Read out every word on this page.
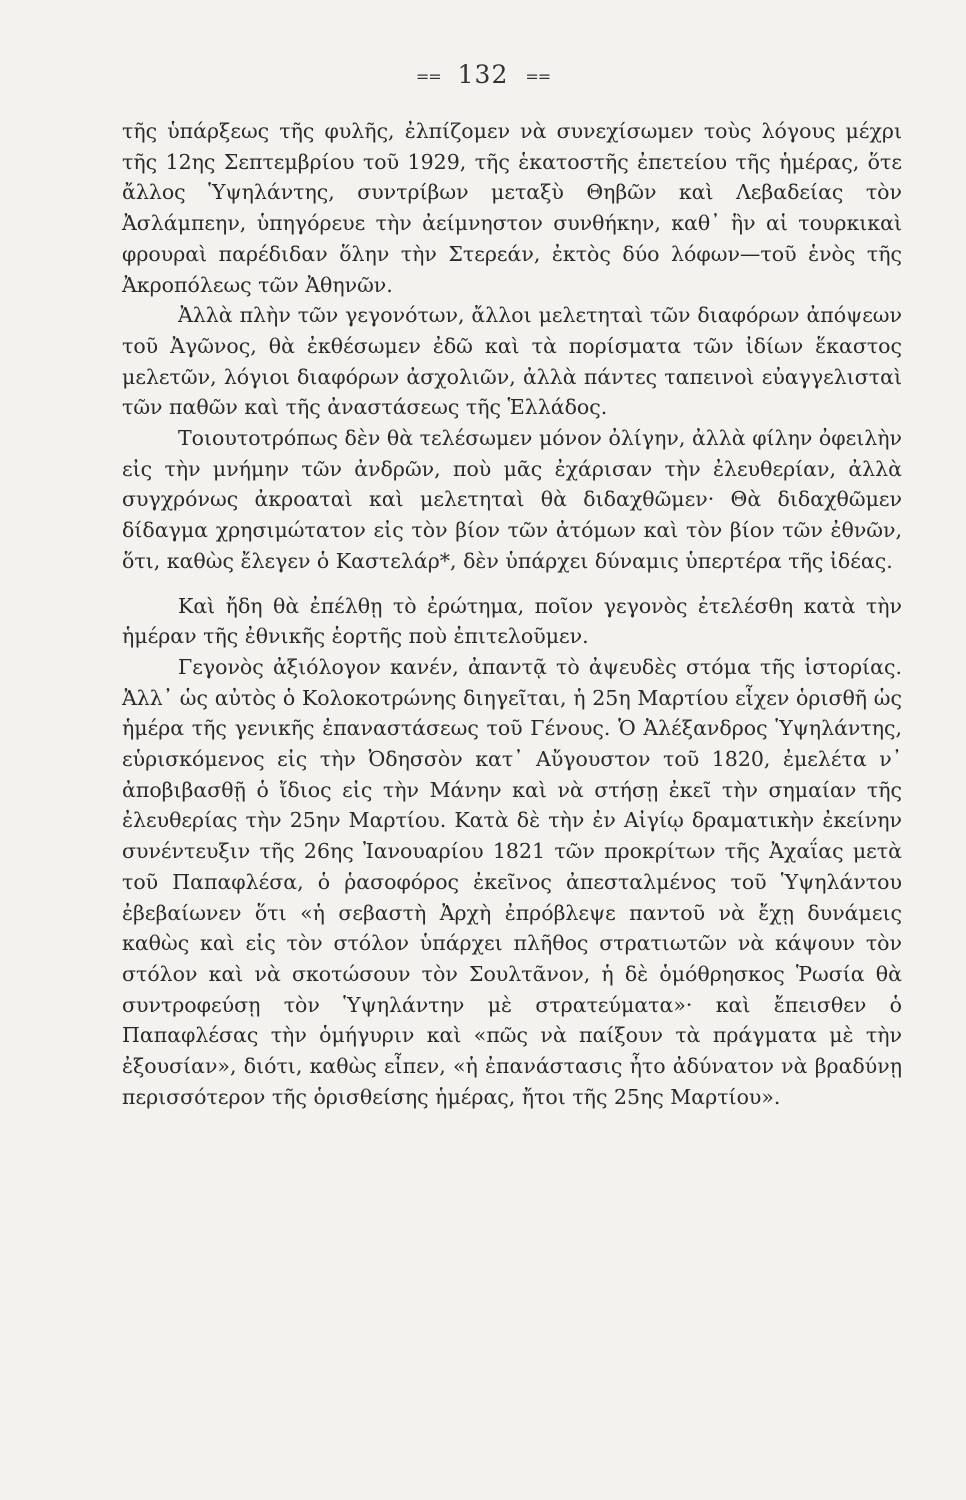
== 132 ==

τῆς ὑπάρξεως τῆς φυλῆς, ἐλπίζομεν νὰ συνεχίσωμεν τοὺς λόγους μέχρι τῆς 12ης Σεπτεμβρίου τοῦ 1929, τῆς ἑκατοστῆς ἐπετείου τῆς ἡμέρας, ὅτε ἄλλος Ὑψηλάντης, συντρίβων μεταξὺ Θηβῶν καὶ Λεβαδείας τὸν Ἀσλάμπεην, ὑπηγόρευε τὴν ἀείμνηστον συνθήκην, καθ᾽ ἣν αἱ τουρκικαὶ φρουραὶ παρέδιδαν ὅλην τὴν Στερεάν, ἐκτὸς δύο λόφων—τοῦ ἑνὸς τῆς Ἀκροπόλεως τῶν Ἀθηνῶν.

Ἀλλὰ πλὴν τῶν γεγονότων, ἄλλοι μελετηταὶ τῶν διαφόρων ἀπόψεων τοῦ Ἀγῶνος, θὰ ἐκθέσωμεν ἐδῶ καὶ τὰ πορίσματα τῶν ἰδίων ἕκαστος μελετῶν, λόγιοι διαφόρων ἀσχολιῶν, ἀλλὰ πάντες ταπεινοὶ εὐαγγελισταὶ τῶν παθῶν καὶ τῆς ἀναστάσεως τῆς Ἑλλάδος.

Τοιουτοτρόπως δὲν θὰ τελέσωμεν μόνον ὀλίγην, ἀλλὰ φίλην ὀφειλὴν εἰς τὴν μνήμην τῶν ἀνδρῶν, ποὺ μᾶς ἐχάρισαν τὴν ἐλευθερίαν, ἀλλὰ συγχρόνως ἀκροαταὶ καὶ μελετηταὶ θὰ διδαχθῶμεν· Θὰ διδαχθῶμεν δίδαγμα χρησιμώτατον εἰς τὸν βίον τῶν ἀτόμων καὶ τὸν βίον τῶν ἐθνῶν, ὅτι, καθὼς ἔλεγεν ὁ Καστελάρ*, δὲν ὑπάρχει δύναμις ὑπερτέρα τῆς ἰδέας.

Καὶ ἤδη θὰ ἐπέλθῃ τὸ ἐρώτημα, ποῖον γεγονὸς ἐτελέσθη κατὰ τὴν ἡμέραν τῆς ἐθνικῆς ἑορτῆς ποὺ ἐπιτελοῦμεν.

Γεγονὸς ἀξιόλογον κανέν, ἀπαντᾷ τὸ ἀψευδὲς στόμα τῆς ἱστορίας. Ἀλλ᾽ ὡς αὐτὸς ὁ Κολοκοτρώνης διηγεῖται, ἡ 25η Μαρτίου εἶχεν ὁρισθῆ ὡς ἡμέρα τῆς γενικῆς ἐπαναστάσεως τοῦ Γένους. Ὁ Ἀλέξανδρος Ὑψηλάντης, εὑρισκόμενος εἰς τὴν Ὀδησσὸν κατ᾽ Αὔγουστον τοῦ 1820, ἐμελέτα ν᾽ ἀποβιβασθῇ ὁ ἴδιος εἰς τὴν Μάνην καὶ νὰ στήσῃ ἐκεῖ τὴν σημαίαν τῆς ἐλευθερίας τὴν 25ην Μαρτίου. Κατὰ δὲ τὴν ἐν Αἰγίῳ δραματικὴν ἐκείνην συνέντευξιν τῆς 26ης Ἰανουαρίου 1821 τῶν προκρίτων τῆς Ἀχαΐας μετὰ τοῦ Παπαφλέσα, ὁ ῥασοφόρος ἐκεῖνος ἀπεσταλμένος τοῦ Ὑψηλάντου ἐβεβαίωνεν ὅτι «ἡ σεβαστὴ Ἀρχὴ ἐπρόβλεψε παντοῦ νὰ ἔχῃ δυνάμεις καθὼς καὶ εἰς τὸν στόλον ὑπάρχει πλῆθος στρατιωτῶν νὰ κάψουν τὸν στόλον καὶ νὰ σκοτώσουν τὸν Σουλτᾶνον, ἡ δὲ ὁμόθρησκος Ῥωσία θὰ συντροφεύσῃ τὸν Ὑψηλάντην μὲ στρατεύματα»· καὶ ἔπεισθεν ὁ Παπαφλέσας τὴν ὁμήγυριν καὶ «πῶς νὰ παίξουν τὰ πράγματα μὲ τὴν ἐξουσίαν», διότι, καθὼς εἶπεν, «ἡ ἐπανάστασις ἦτο ἀδύνατον νὰ βραδύνῃ περισσότερον τῆς ὁρισθείσης ἡμέρας, ἤτοι τῆς 25ης Μαρτίου».
